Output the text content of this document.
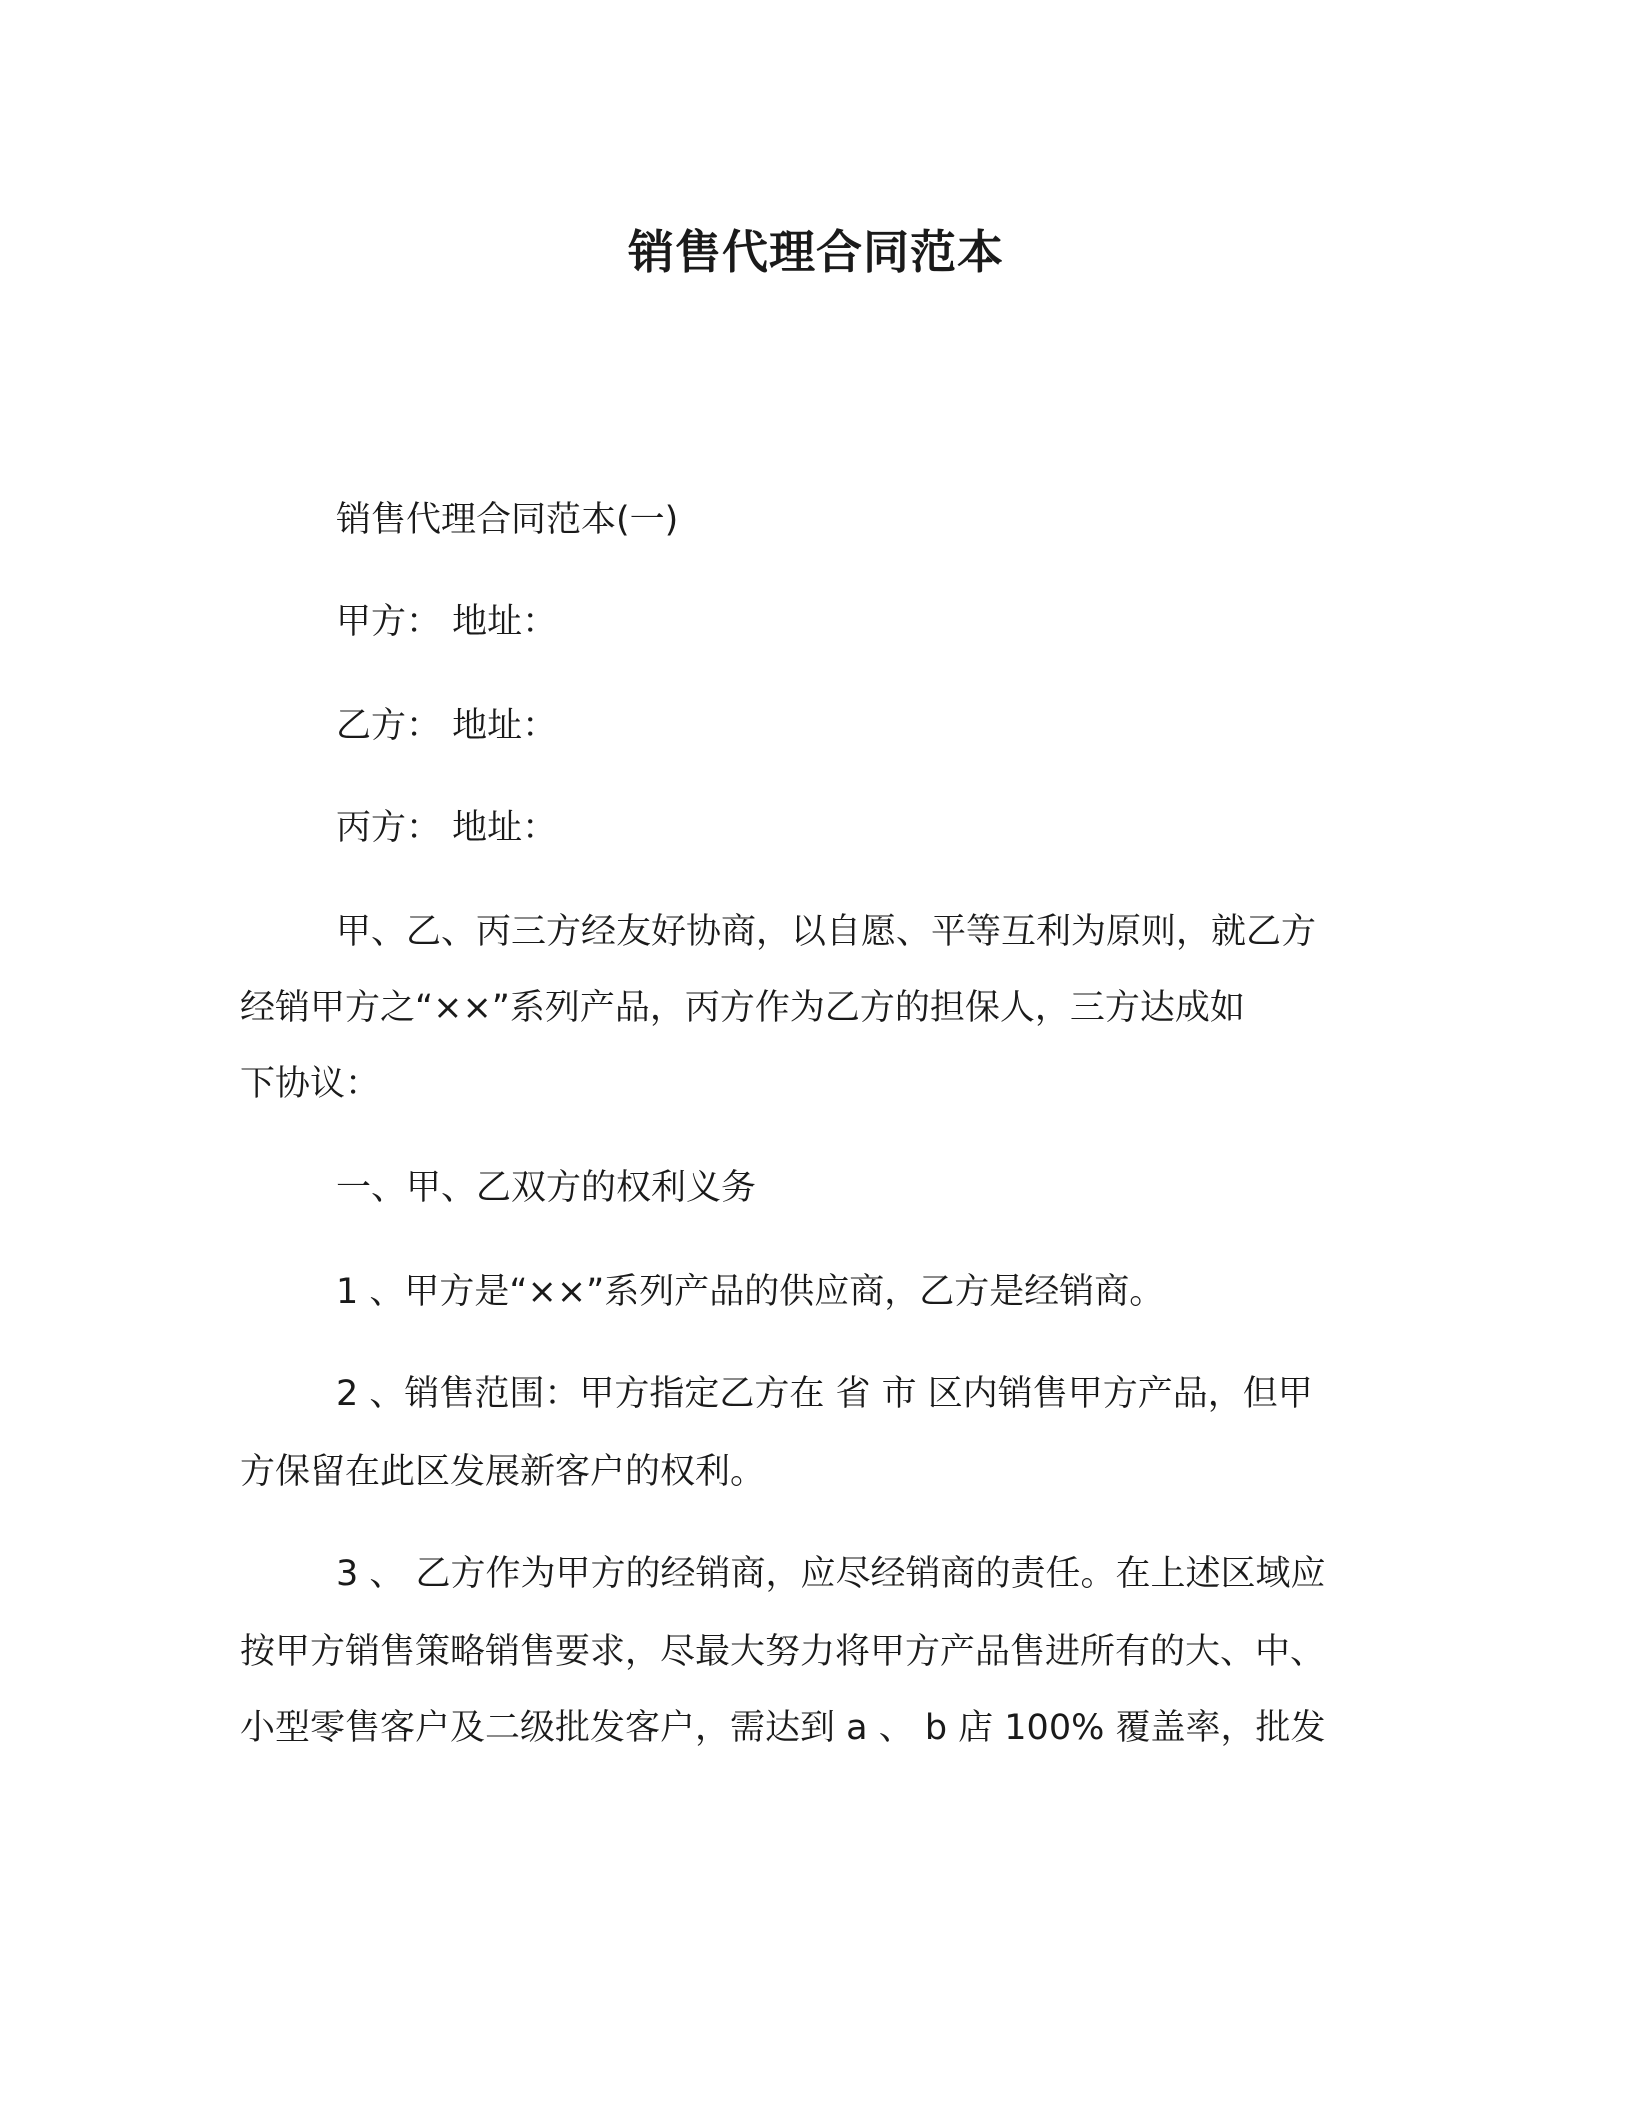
销售代理合同范本

销售代理合同范本(一)

甲方： 地址：

乙方： 地址：

丙方： 地址：

甲、乙、丙三方经友好协商，以自愿、平等互利为原则，就乙方

经销甲方之“××”系列产品，丙方作为乙方的担保人，三方达成如

下协议：

一、甲、乙双方的权利义务

1 、甲方是“××”系列产品的供应商，乙方是经销商。

2 、销售范围：甲方指定乙方在 省 市 区内销售甲方产品，但甲

方保留在此区发展新客户的权利。

3 、 乙方作为甲方的经销商，应尽经销商的责任。在上述区域应

按甲方销售策略销售要求，尽最大努力将甲方产品售进所有的大、中、

小型零售客户及二级批发客户，需达到 a 、 b 店 100% 覆盖率，批发
